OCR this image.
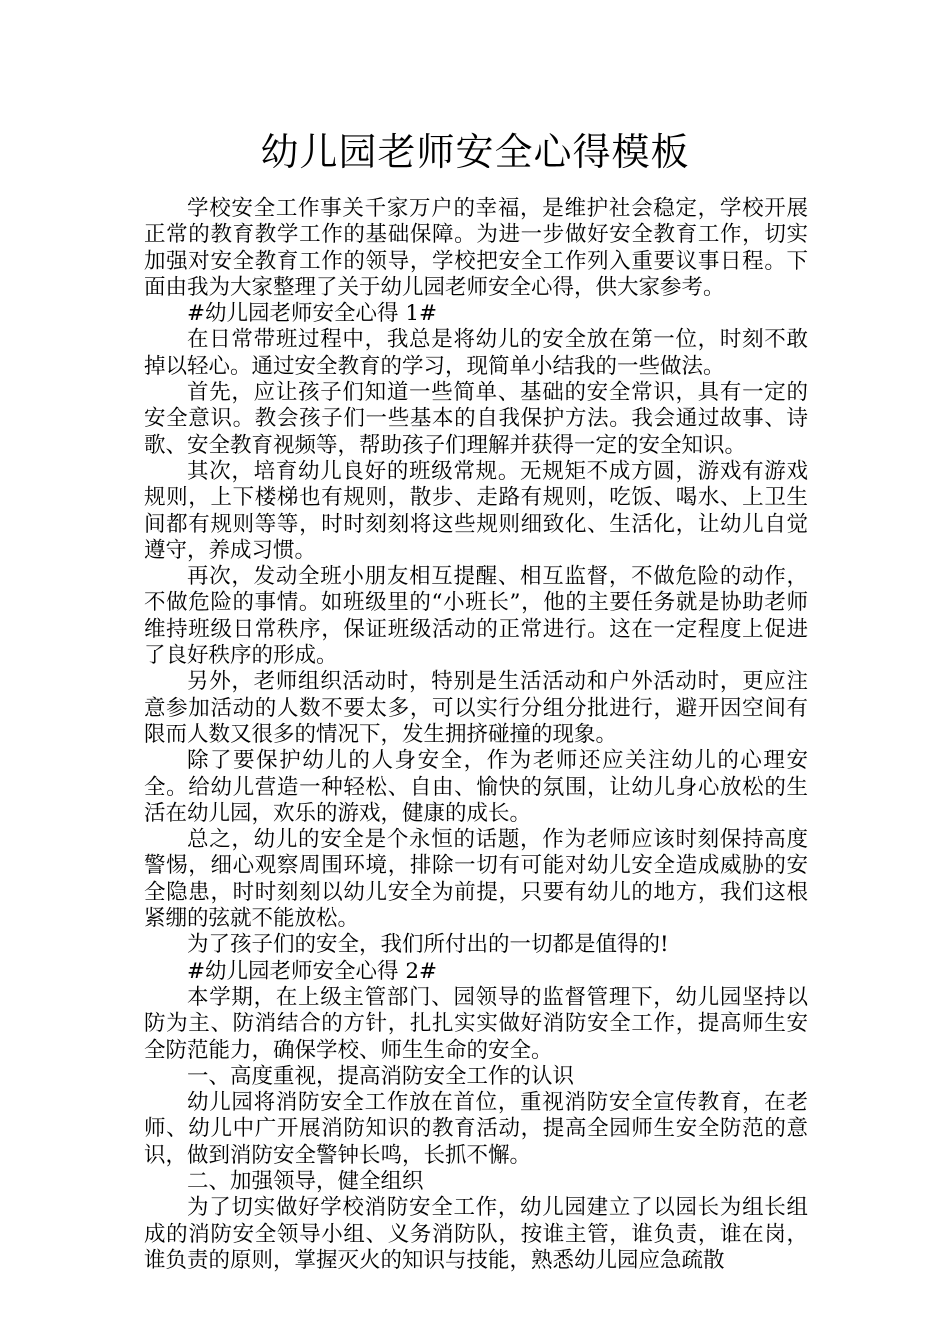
幼儿园老师安全心得模板

学校安全工作事关千家万户的幸福，是维护社会稳定，学校开展正常的教育教学工作的基础保障。为进一步做好安全教育工作，切实加强对安全教育工作的领导，学校把安全工作列入重要议事日程。下面由我为大家整理了关于幼儿园老师安全心得，供大家参考。

#幼儿园老师安全心得 1#

在日常带班过程中，我总是将幼儿的安全放在第一位，时刻不敢掉以轻心。通过安全教育的学习，现简单小结我的一些做法。

首先，应让孩子们知道一些简单、基础的安全常识，具有一定的安全意识。教会孩子们一些基本的自我保护方法。我会通过故事、诗歌、安全教育视频等，帮助孩子们理解并获得一定的安全知识。

其次，培育幼儿良好的班级常规。无规矩不成方圆，游戏有游戏规则，上下楼梯也有规则，散步、走路有规则，吃饭、喝水、上卫生间都有规则等等，时时刻刻将这些规则细致化、生活化，让幼儿自觉遵守，养成习惯。

再次，发动全班小朋友相互提醒、相互监督，不做危险的动作，不做危险的事情。如班级里的“小班长”，他的主要任务就是协助老师维持班级日常秩序，保证班级活动的正常进行。这在一定程度上促进了良好秩序的形成。

另外，老师组织活动时，特别是生活活动和户外活动时，更应注意参加活动的人数不要太多，可以实行分组分批进行，避开因空间有限而人数又很多的情况下，发生拥挤碰撞的现象。

除了要保护幼儿的人身安全，作为老师还应关注幼儿的心理安全。给幼儿营造一种轻松、自由、愉快的氛围，让幼儿身心放松的生活在幼儿园，欢乐的游戏，健康的成长。

总之，幼儿的安全是个永恒的话题，作为老师应该时刻保持高度警惕，细心观察周围环境，排除一切有可能对幼儿安全造成威胁的安全隐患，时时刻刻以幼儿安全为前提，只要有幼儿的地方，我们这根紧绷的弦就不能放松。

为了孩子们的安全，我们所付出的一切都是值得的!

#幼儿园老师安全心得 2#

本学期，在上级主管部门、园领导的监督管理下，幼儿园坚持以防为主、防消结合的方针，扎扎实实做好消防安全工作，提高师生安全防范能力，确保学校、师生生命的安全。

一、高度重视，提高消防安全工作的认识

幼儿园将消防安全工作放在首位，重视消防安全宣传教育，在老师、幼儿中广开展消防知识的教育活动，提高全园师生安全防范的意识，做到消防安全警钟长鸣，长抓不懈。

二、加强领导，健全组织

为了切实做好学校消防安全工作，幼儿园建立了以园长为组长组成的消防安全领导小组、义务消防队，按谁主管，谁负责，谁在岗，谁负责的原则，掌握灭火的知识与技能，熟悉幼儿园应急疏散
